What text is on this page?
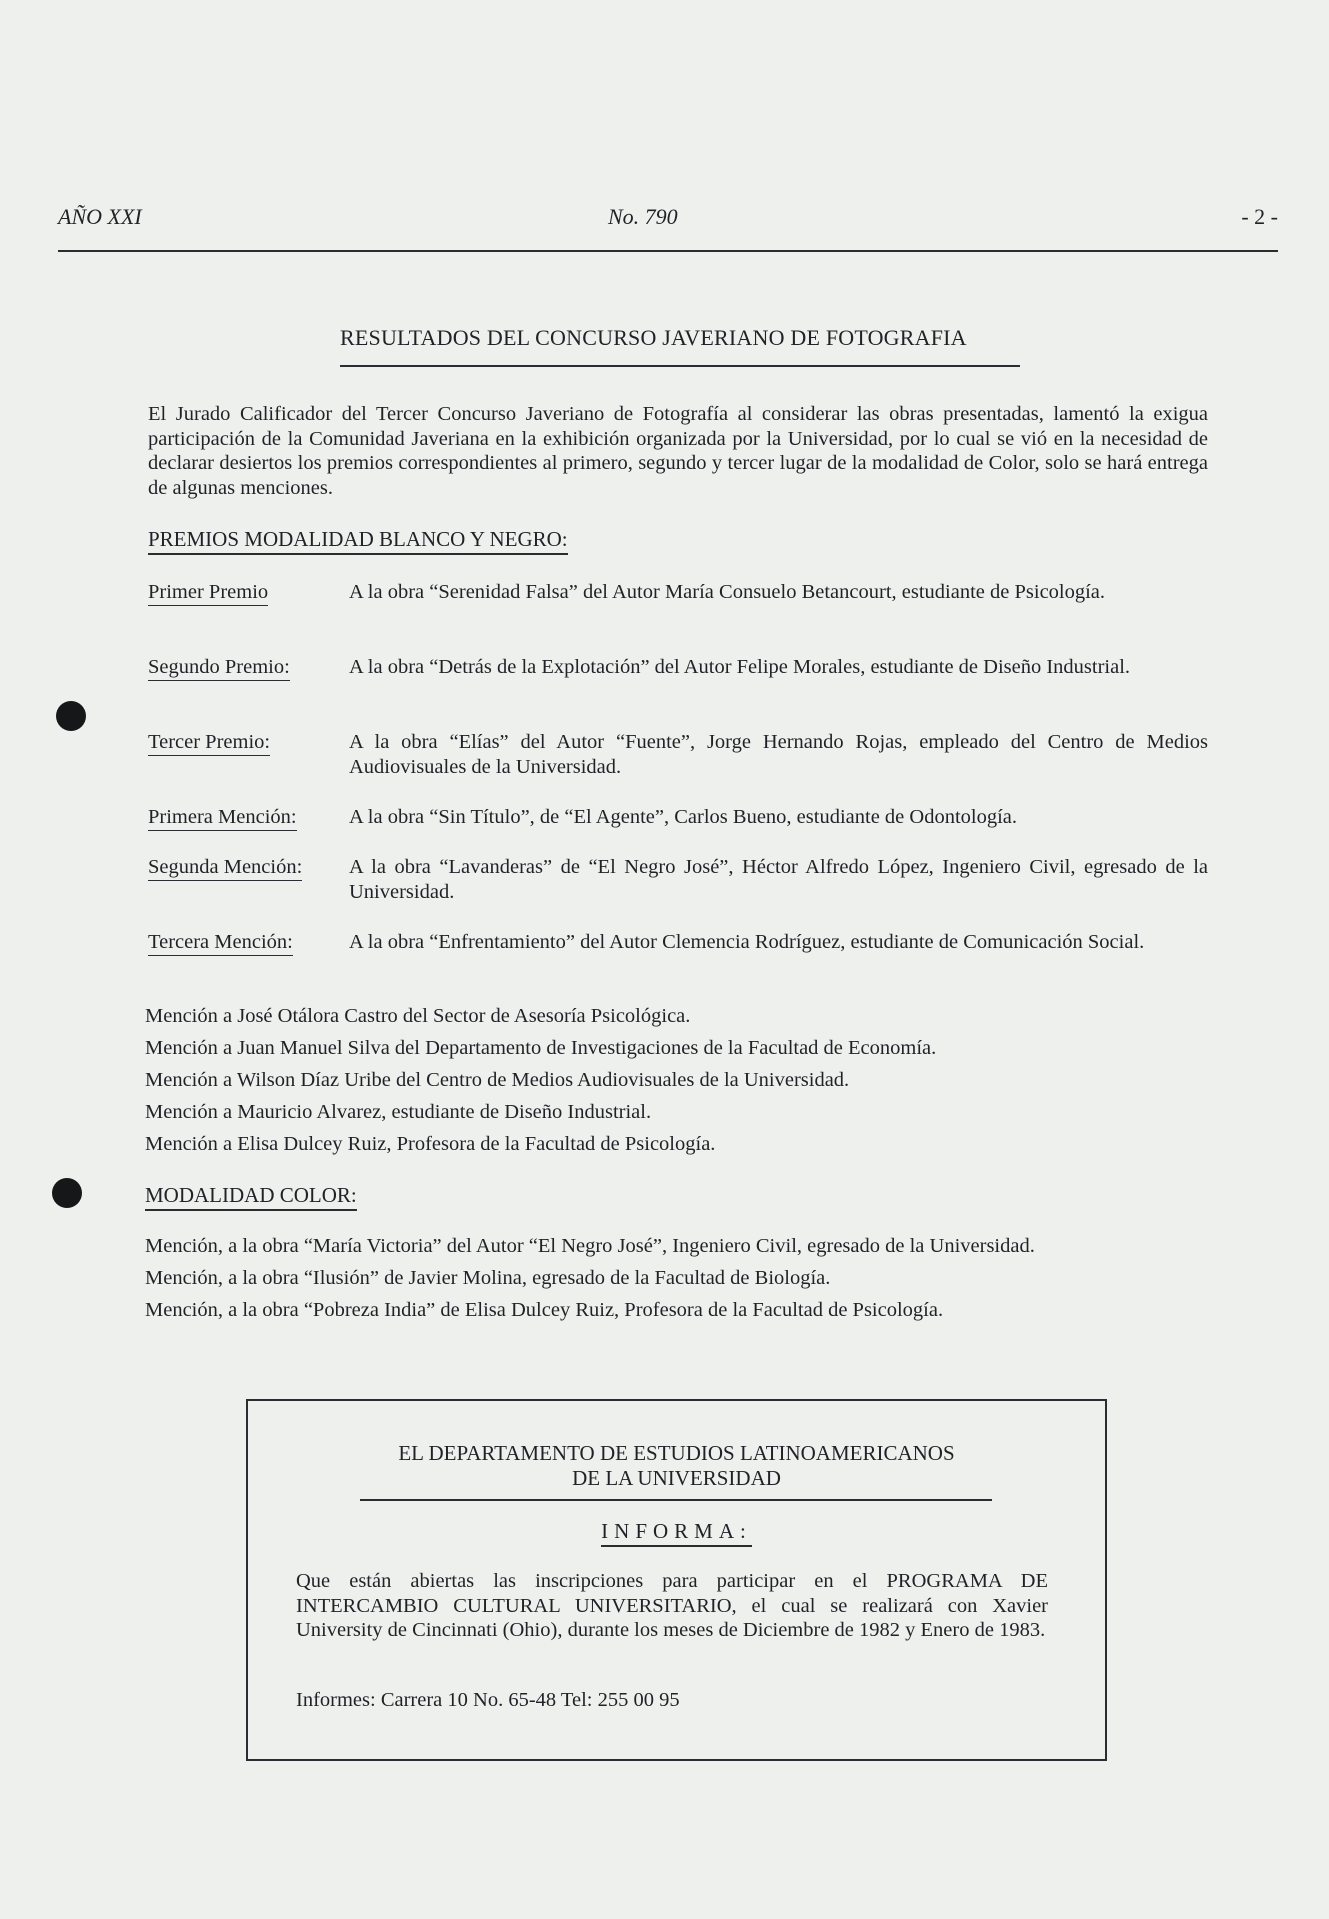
AÑO XXI	No. 790	- 2 -
RESULTADOS DEL CONCURSO JAVERIANO DE FOTOGRAFIA

El Jurado Calificador del Tercer Concurso Javeriano de Fotografía al considerar las obras presentadas, lamentó la exigua participación de la Comunidad Javeriana en la exhibición organizada por la Universidad, por lo cual se vió en la necesidad de declarar desiertos los premios correspondientes al primero, segundo y tercer lugar de la modalidad de Color, solo se hará entrega de algunas menciones.

PREMIOS MODALIDAD BLANCO Y NEGRO:
Primer Premio	A la obra “Serenidad Falsa” del Autor María Consuelo Betancourt, estudiante de Psicología.
Segundo Premio:	A la obra “Detrás de la Explotación” del Autor Felipe Morales, estudiante de Diseño Industrial.
Tercer Premio:	A la obra “Elías” del Autor “Fuente”, Jorge Hernando Rojas, empleado del Centro de Medios Audiovisuales de la Universidad.
Primera Mención:	A la obra “Sin Título”, de “El Agente”, Carlos Bueno, estudiante de Odontología.
Segunda Mención: A la obra “Lavanderas” de “El Negro José”, Héctor Alfredo López, Ingeniero Civil, egresado de la Universidad.
Tercera Mención:	A la obra “Enfrentamiento” del Autor Clemencia Rodríguez, estudiante de Comunicación Social.
Mención a José Otálora Castro del Sector de Asesoría Psicológica.
Mención a Juan Manuel Silva del Departamento de Investigaciones de la Facultad de Economía.
Mención a Wilson Díaz Uribe del Centro de Medios Audiovisuales de la Universidad.
Mención a Mauricio Alvarez, estudiante de Diseño Industrial.
Mención a Elisa Dulcey Ruiz, Profesora de la Facultad de Psicología.
MODALIDAD COLOR:
Mención, a la obra “María Victoria” del Autor “El Negro José”, Ingeniero Civil, egresado de la Universidad.
Mención, a la obra “Ilusión” de Javier Molina, egresado de la Facultad de Biología.
Mención, a la obra “Pobreza India” de Elisa Dulcey Ruiz, Profesora de la Facultad de Psicología.
EL DEPARTAMENTO DE ESTUDIOS LATINOAMERICANOS
DE LA UNIVERSIDAD
INFORMA:
Que están abiertas las inscripciones para participar en el PROGRAMA DE INTERCAMBIO CULTURAL UNIVERSITARIO, el cual se realizará con Xavier University de Cincinnati (Ohio), durante los meses de Diciembre de 1982 y Enero de 1983.
Informes: Carrera 10 No. 65-48 Tel: 255 00 95
